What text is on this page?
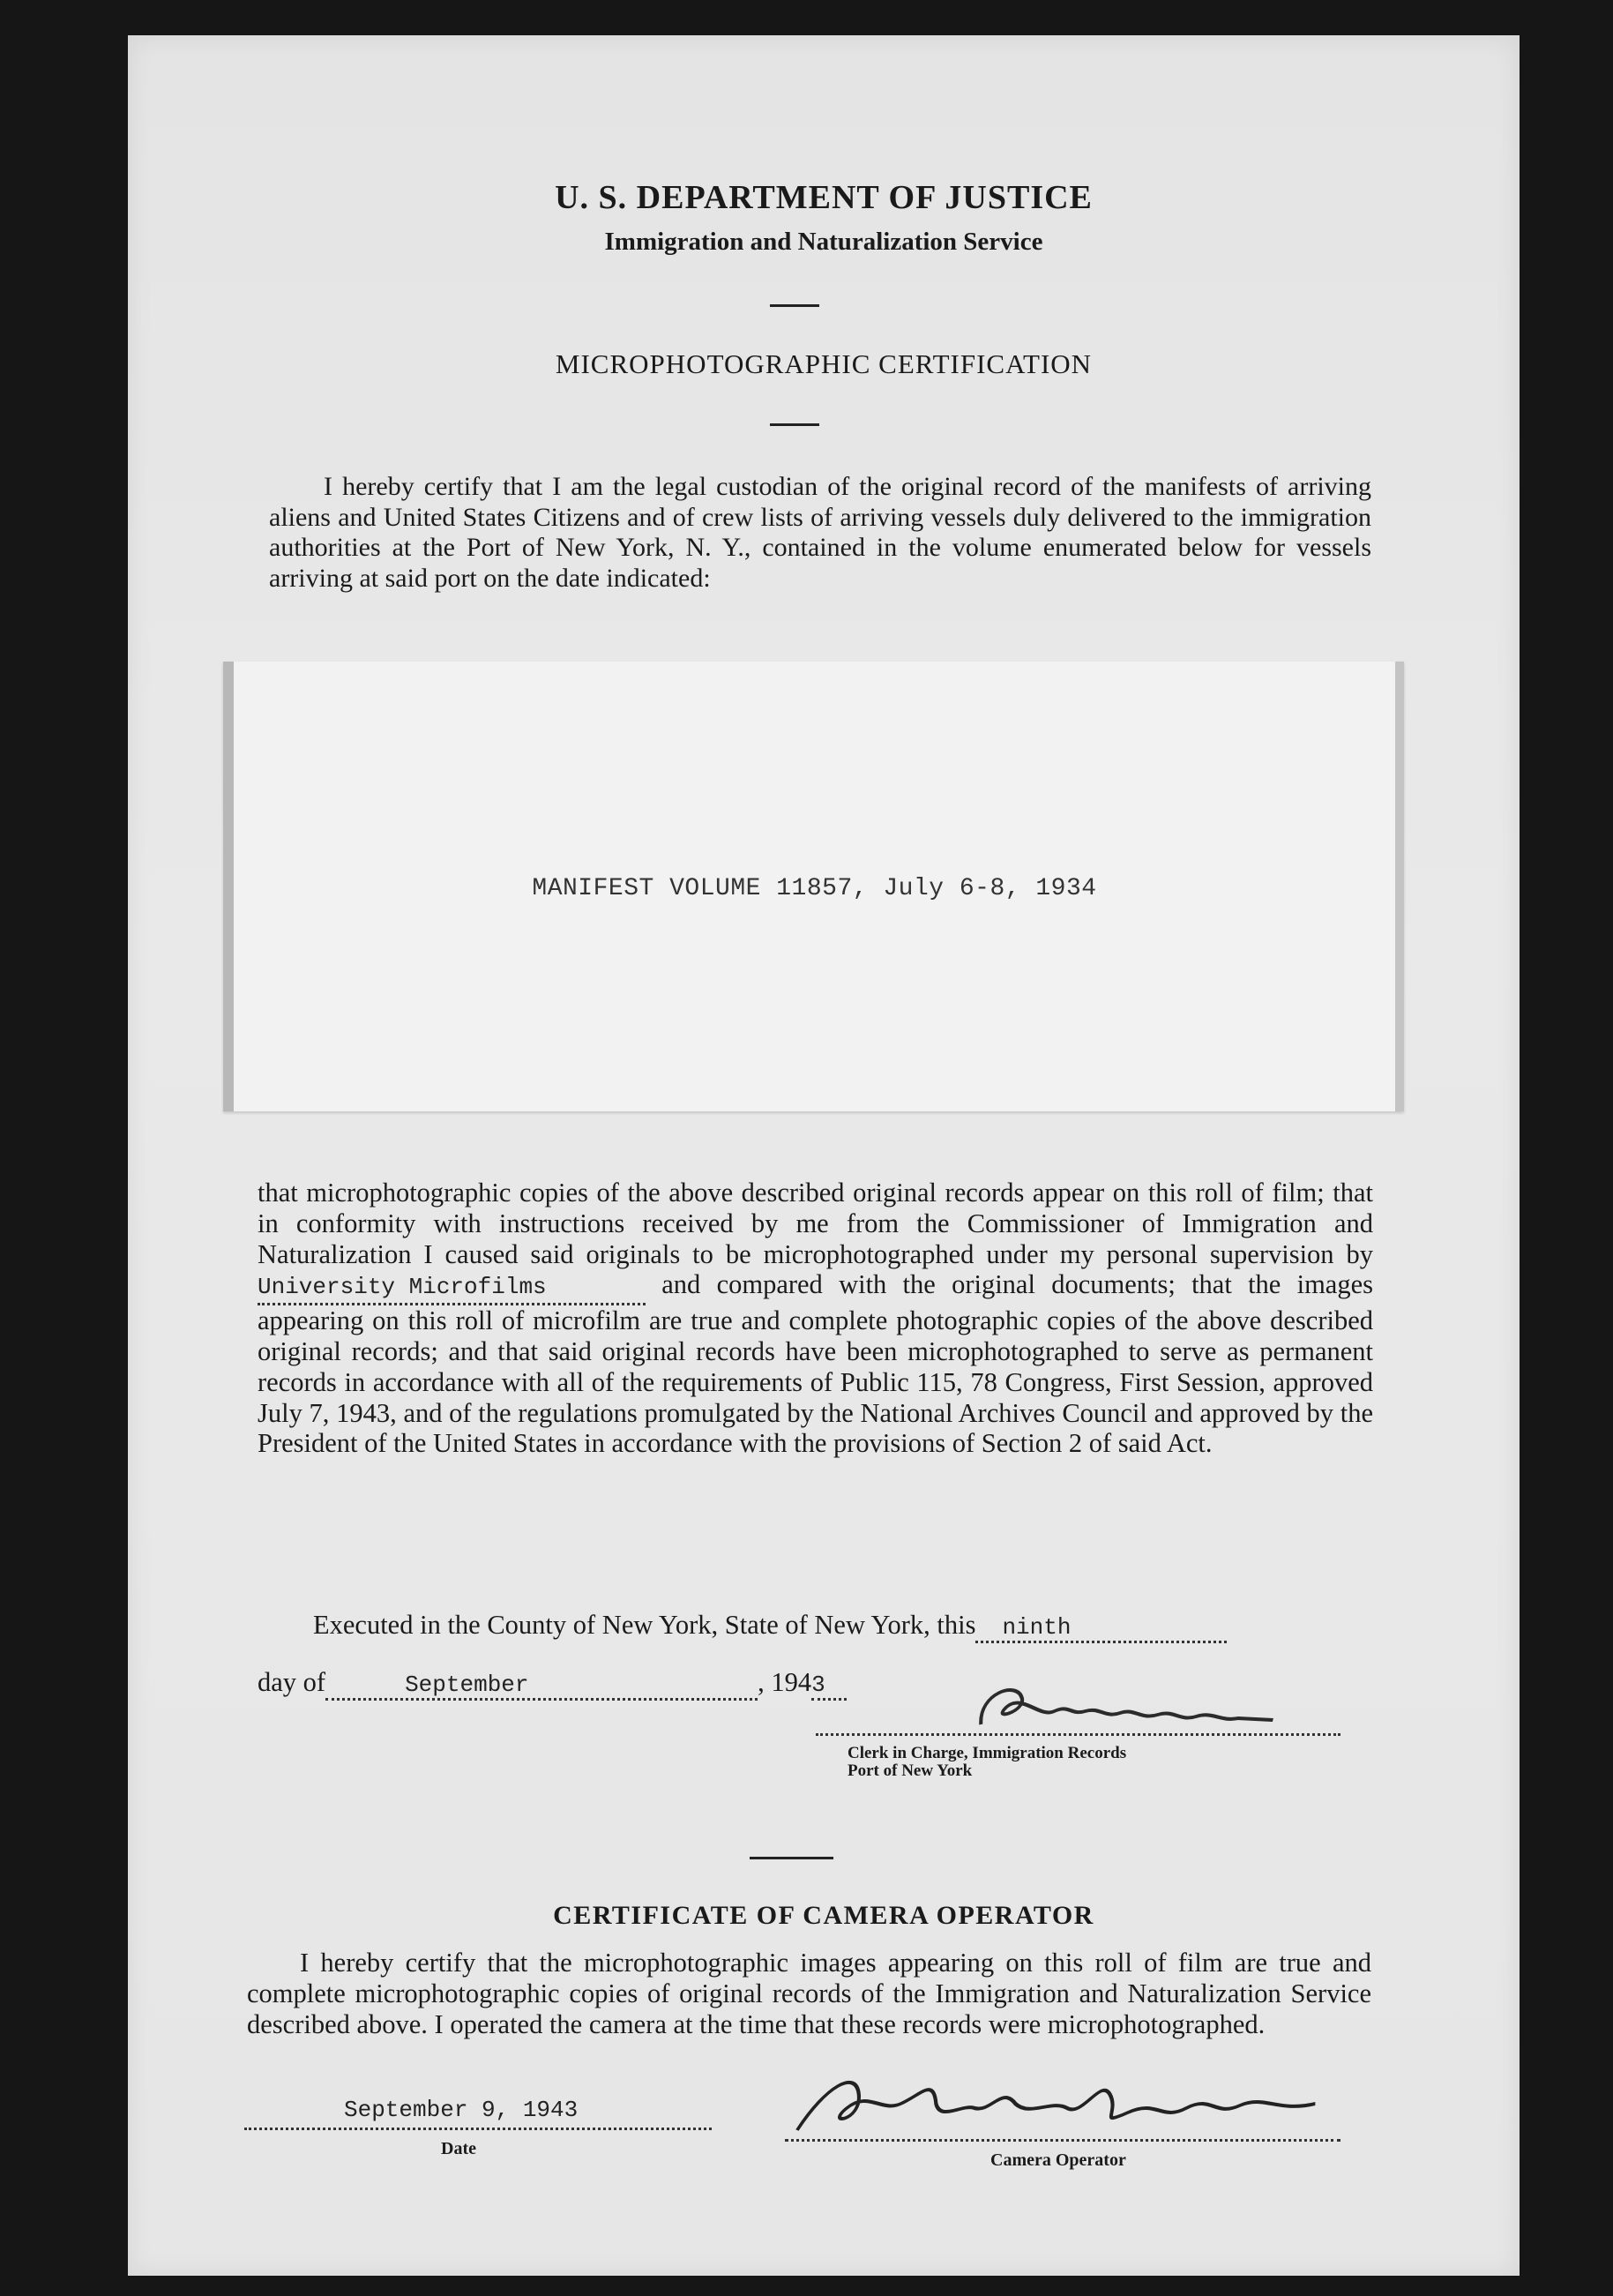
U. S. DEPARTMENT OF JUSTICE
Immigration and Naturalization Service
MICROPHOTOGRAPHIC CERTIFICATION

I hereby certify that I am the legal custodian of the original record of the manifests of arriving aliens and United States Citizens and of crew lists of arriving vessels duly delivered to the immigration authorities at the Port of New York, N. Y., contained in the volume enumerated below for vessels arriving at said port on the date indicated:

MANIFEST VOLUME 11857, July 6-8, 1934

that microphotographic copies of the above described original records appear on this roll of film; that in conformity with instructions received by me from the Commissioner of Immigration and Naturalization I caused said originals to be microphotographed under my personal supervision by University Microfilms	and compared with the original documents; that the images appearing on this roll of microfilm are true and complete photographic copies of the above described original records; and that said original records have been microphotographed to serve as permanent records in accordance with all of the requirements of Public 115, 78 Congress, First Session, approved July 7, 1943, and of the regulations promulgated by the National Archives Council and approved by the President of the United States in accordance with the provisions of Section 2 of said Act.

Executed in the County of New York, State of New York, this ninth
day of	September	, 1943
Clerk in Charge, Immigration Records
Port of New York
CERTIFICATE OF CAMERA OPERATOR

I hereby certify that the microphotographic images appearing on this roll of film are true and complete microphotographic copies of original records of the Immigration and Naturalization Service described above. I operated the camera at the time that these records were microphotographed.

September 9, 1943
Date
Camera Operator
